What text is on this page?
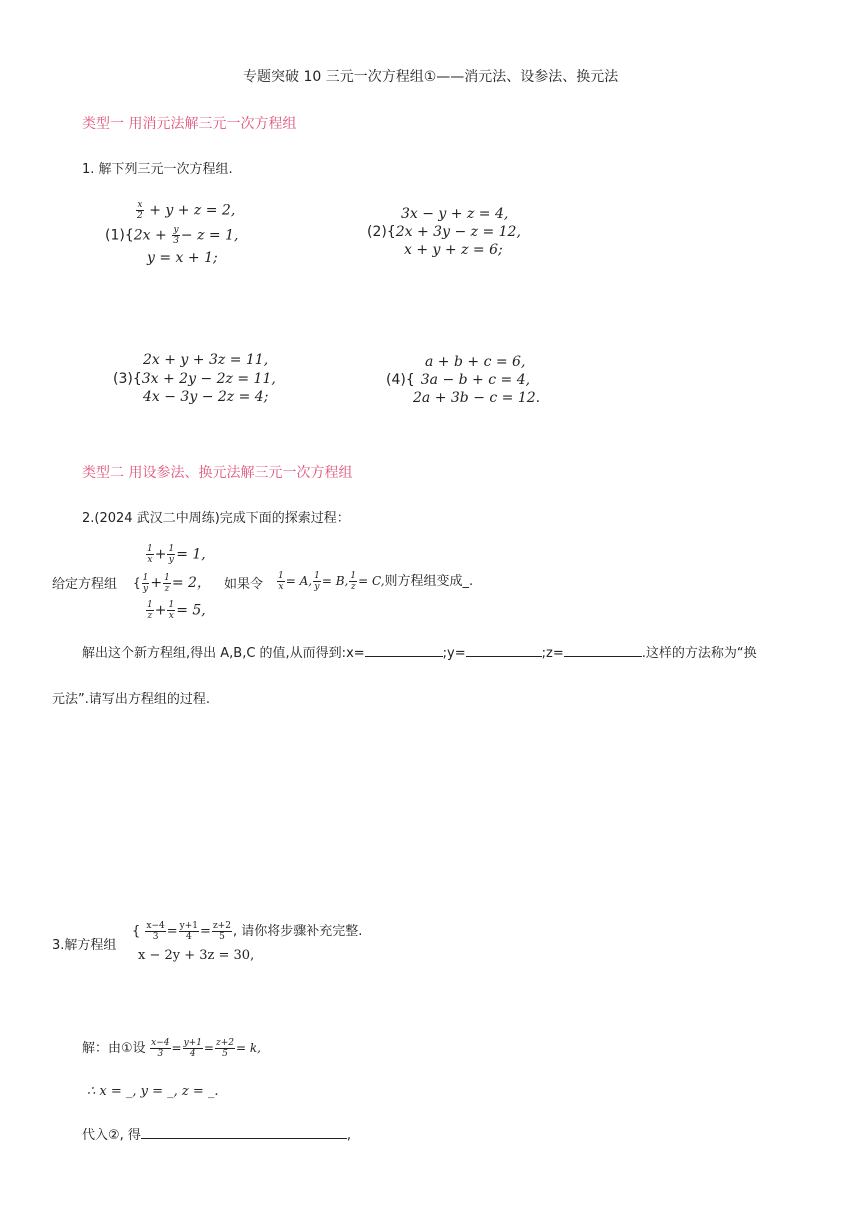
专题突破 10 三元一次方程组①——消元法、设参法、换元法
类型一 用消元法解三元一次方程组
1. 解下列三元一次方程组.
$\frac{x}{2} + y + z = 2$,
$(1)\{2x + \frac{y}{3} - z = 1$,
y = x + 1;
3x − y + z = 4,
(2){2x + 3y − z = 12,
x + y + z = 6;
2x + y + 3z = 11,
(3){3x + 2y − 2z = 11,
4x − 3y − 2z = 4;
a + b + c = 6,
(4){ 3a − b + c = 4,
2a + 3b − c = 12.
类型二 用设参法、换元法解三元一次方程组
2.(2024 武汉二中周练)完成下面的探索过程：
$\frac{1}{x} + \frac{1}{y} = 1$,
给定方程组 { $\frac{1}{y} + \frac{1}{z} = 2$，
$\frac{1}{z} + \frac{1}{x} = 5$,
如果令 $\frac{1}{x} = A$, $\frac{1}{y} = B$, $\frac{1}{z} = C$,则方程组变成_.
解出这个新方程组,得出 A,B,C 的值,从而得到:x=	;y=	;z=	.这样的方法称为“换
元法”.请写出方程组的过程.
3.解方程组
{ $\frac{x-4}{3} = \frac{y+1}{4} = \frac{z+2}{5}$ , 请你将步骤补充完整.
x − 2y + 3z = 30,
解：由①设 $\frac{x-4}{3} = \frac{y+1}{4} = \frac{z+2}{5} = k$,
∴ x = _, y = _, z = _.
代入②, 得	,
